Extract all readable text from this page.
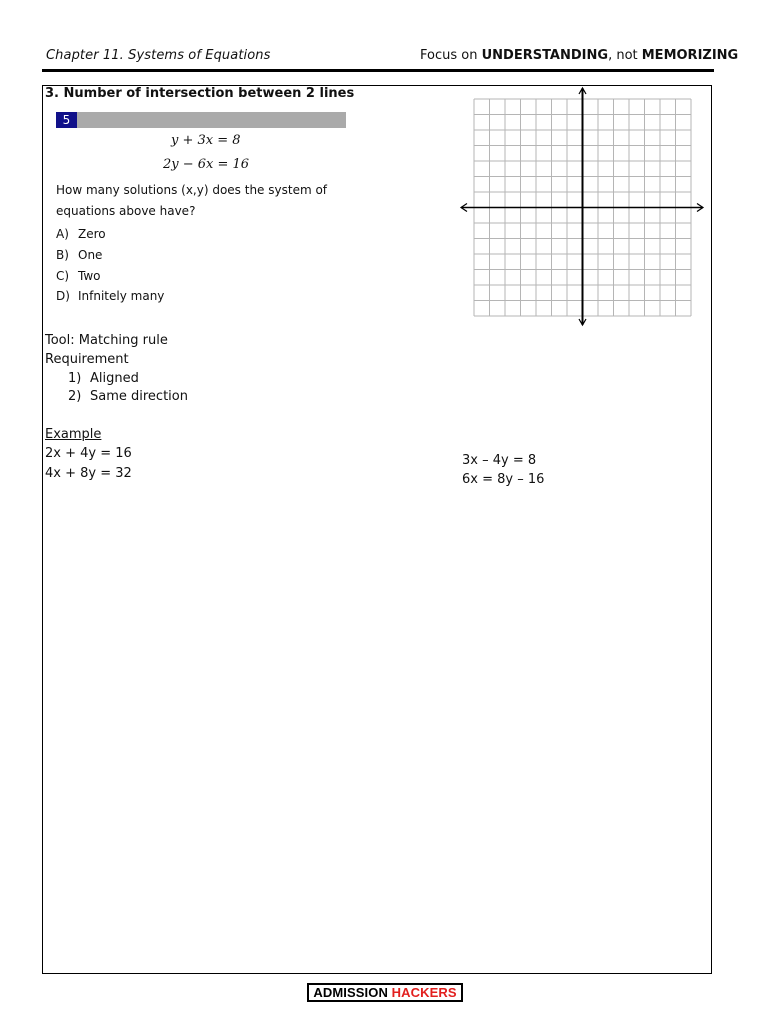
Chapter 11. Systems of Equations	Focus on UNDERSTANDING, not MEMORIZING
3. Number of intersection between 2 lines
5
y + 3x = 8
2y − 6x = 16
How many solutions (x,y) does the system of equations above have?
A) Zero
B) One
C) Two
D) Infnitely many
Tool: Matching rule
Requirement
1) Aligned
2) Same direction
Example
2x + 4y = 16
4x + 8y = 32
3x – 4y = 8
6x = 8y – 16
ADMISSION HACKERS
